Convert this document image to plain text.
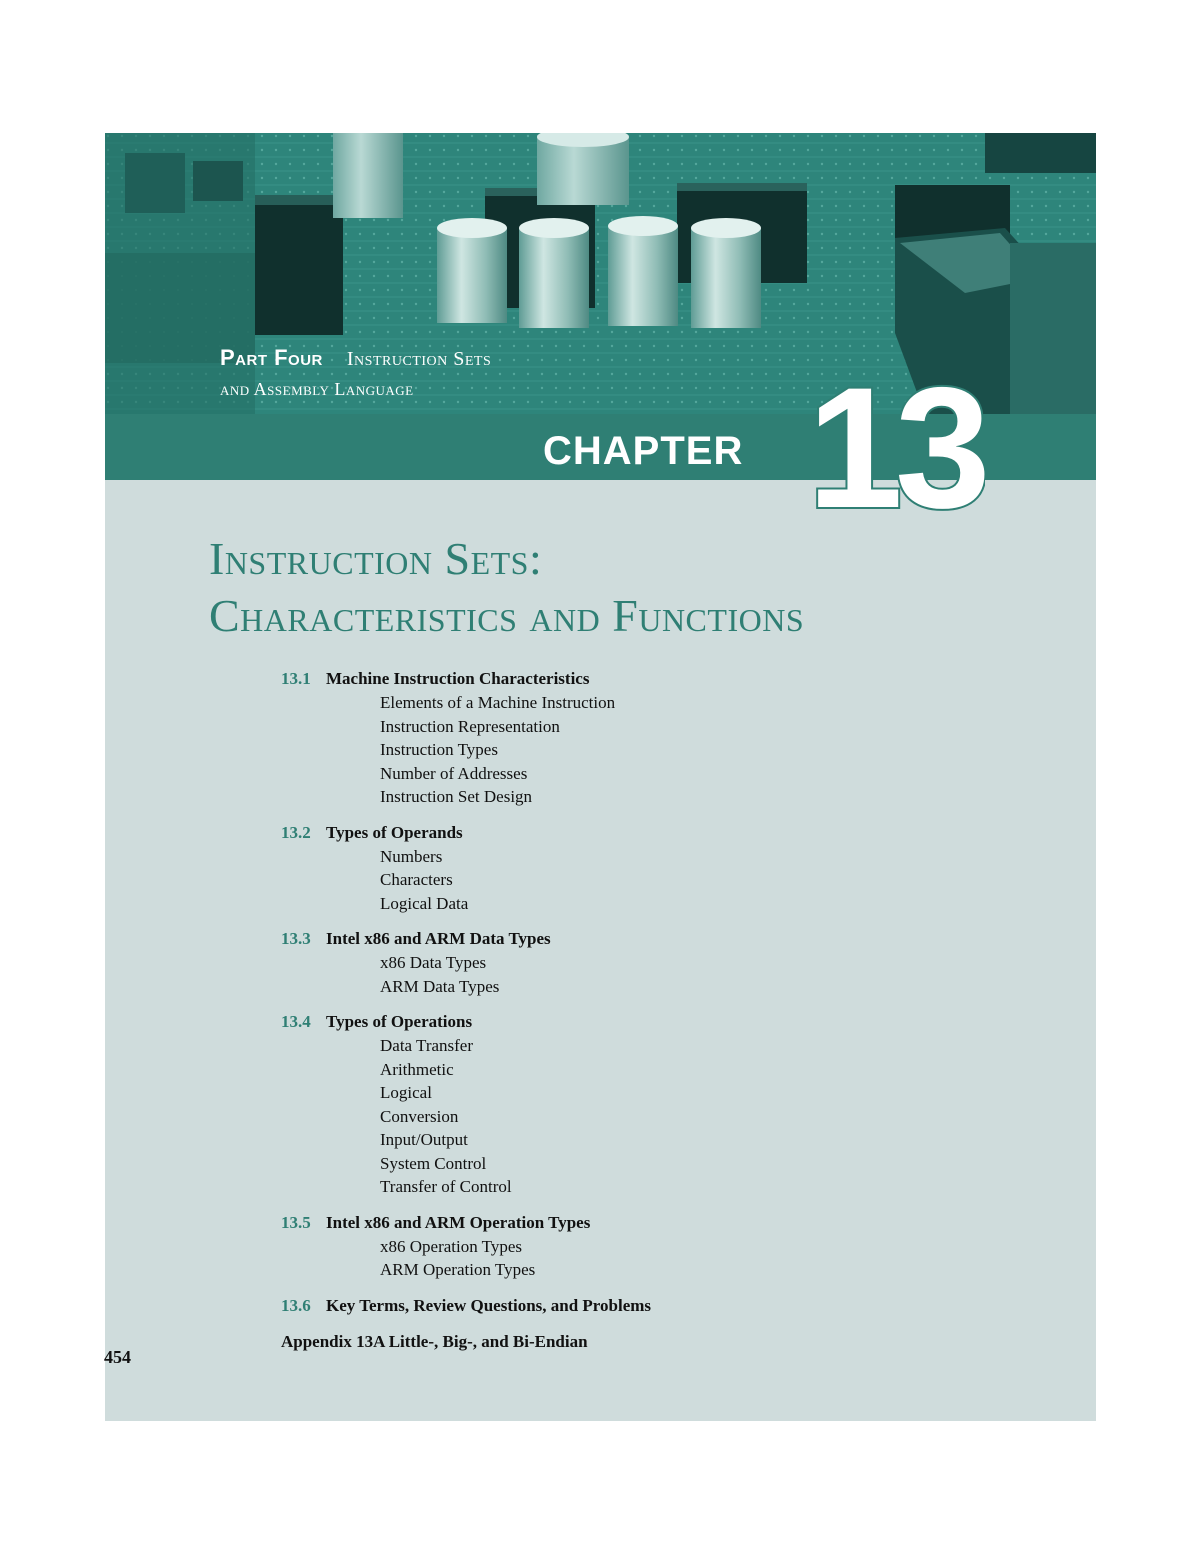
Part Four Instruction Sets
and Assembly Language
CHAPTER 13
Instruction Sets:
Characteristics and Functions
13.1 Machine Instruction Characteristics
Elements of a Machine Instruction
Instruction Representation
Instruction Types
Number of Addresses
Instruction Set Design
13.2 Types of Operands
Numbers
Characters
Logical Data
13.3 Intel x86 and ARM Data Types
x86 Data Types
ARM Data Types
13.4 Types of Operations
Data Transfer
Arithmetic
Logical
Conversion
Input/Output
System Control
Transfer of Control
13.5 Intel x86 and ARM Operation Types
x86 Operation Types
ARM Operation Types
13.6 Key Terms, Review Questions, and Problems
Appendix 13A Little-, Big-, and Bi-Endian
454
